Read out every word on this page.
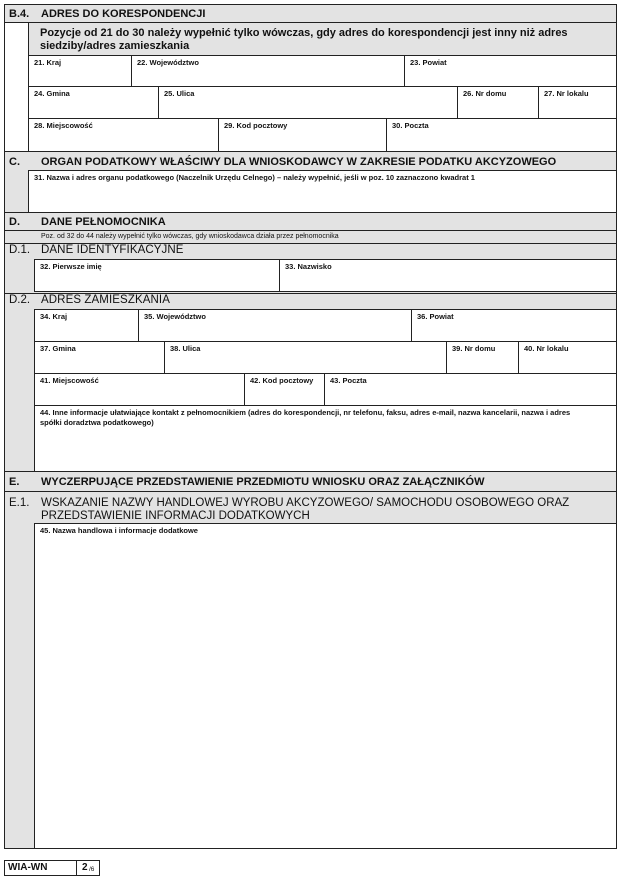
B.4. ADRES DO KORESPONDENCJI
Pozycje od 21 do 30 należy wypełnić tylko wówczas, gdy adres do korespondencji jest inny niż adres
siedziby/adres zamieszkania
21. Kraj	22. Województwo	23. Powiat
24. Gmina	25. Ulica	26. Nr domu	27. Nr lokalu
28. Miejscowość	29. Kod pocztowy	30. Poczta
C. ORGAN PODATKOWY WŁAŚCIWY DLA WNIOSKODAWCY W ZAKRESIE PODATKU AKCYZOWEGO
31. Nazwa i adres organu podatkowego (Naczelnik Urzędu Celnego) – należy wypełnić, jeśli w poz. 10 zaznaczono kwadrat 1
D. DANE PEŁNOMOCNIKA
Poz. od 32 do 44 należy wypełnić tylko wówczas, gdy wnioskodawca działa przez pełnomocnika
D.1. DANE IDENTYFIKACYJNE
D.2. ADRES ZAMIESZKANIA
32. Pierwsze imię	33. Nazwisko
34. Kraj	35. Województwo	36. Powiat
37. Gmina	38. Ulica	39. Nr domu	40. Nr lokalu
41. Miejscowość	42. Kod pocztowy 43. Poczta
44. Inne informacje ułatwiające kontakt z pełnomocnikiem (adres do korespondencji, nr telefonu, faksu, adres e-mail, nazwa kancelarii, nazwa i adres
spółki doradztwa podatkowego)
E. WYCZERPUJĄCE PRZEDSTAWIENIE PRZEDMIOTU WNIOSKU ORAZ ZAŁĄCZNIKÓW
E.1. WSKAZANIE NAZWY HANDLOWEJ WYROBU AKCYZOWEGO/ SAMOCHODU OSOBOWEGO ORAZ
PRZEDSTAWIENIE INFORMACJI DODATKOWYCH
45. Nazwa handlowa i informacje dodatkowe
WIA-WN	2 /6
